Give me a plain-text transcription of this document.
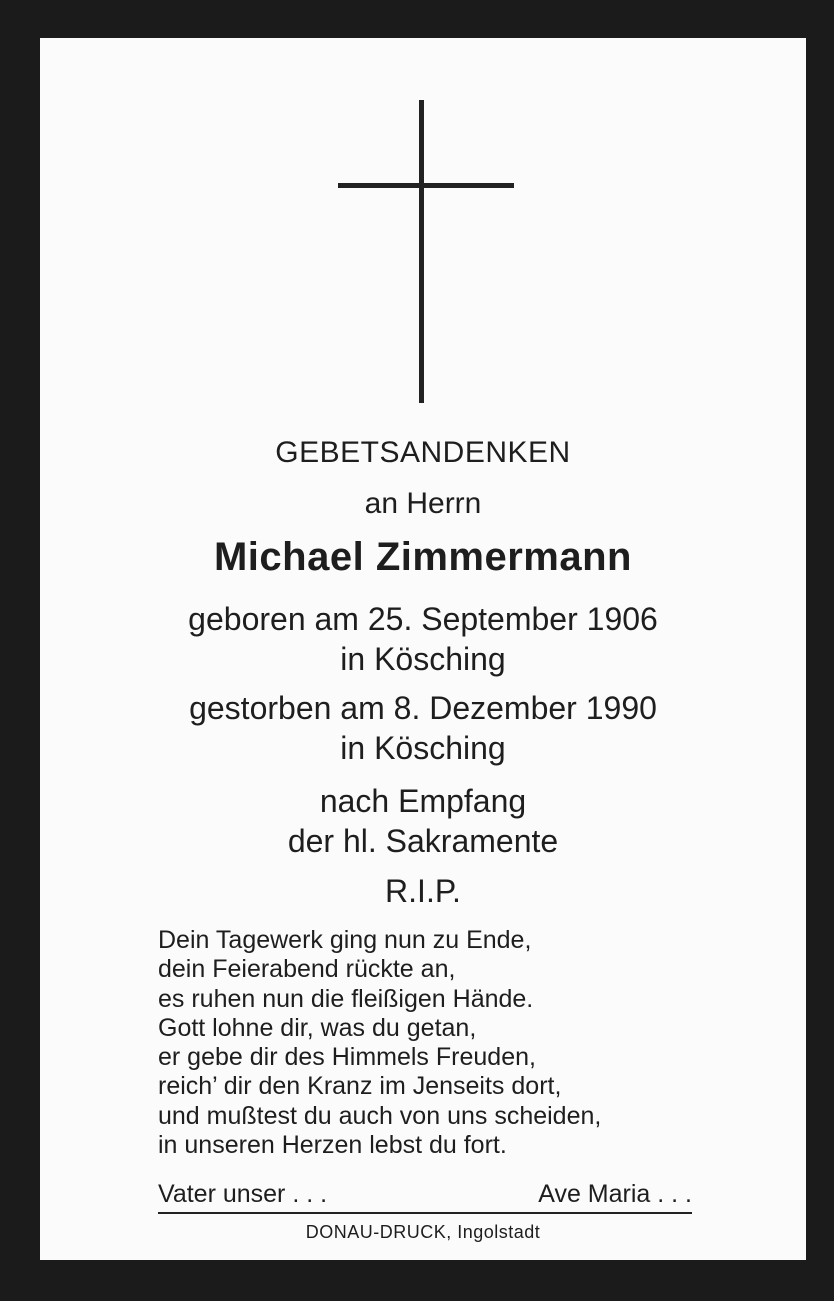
GEBETSANDENKEN
an Herrn
Michael Zimmermann
geboren am 25. September 1906
in Kösching
gestorben am 8. Dezember 1990
in Kösching
nach Empfang
der hl. Sakramente
R.I.P.
Dein Tagewerk ging nun zu Ende,
dein Feierabend rückte an,
es ruhen nun die fleißigen Hände.
Gott lohne dir, was du getan,
er gebe dir des Himmels Freuden,
reich’ dir den Kranz im Jenseits dort,
und mußtest du auch von uns scheiden,
in unseren Herzen lebst du fort.
Vater unser . . .	Ave Maria . . .
DONAU-DRUCK, Ingolstadt
